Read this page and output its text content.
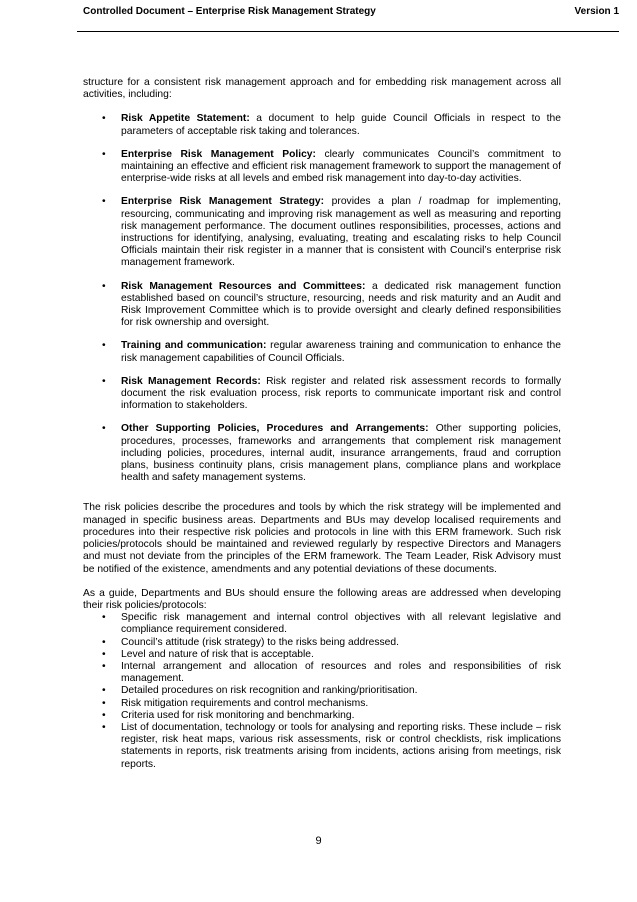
Controlled Document – Enterprise Risk Management Strategy	Version 1

structure for a consistent risk management approach and for embedding risk management across all activities, including:

• Risk Appetite Statement: a document to help guide Council Officials in respect to the parameters of acceptable risk taking and tolerances.
• Enterprise Risk Management Policy: clearly communicates Council’s commitment to maintaining an effective and efficient risk management framework to support the management of enterprise-wide risks at all levels and embed risk management into day-to-day activities.
• Enterprise Risk Management Strategy: provides a plan / roadmap for implementing, resourcing, communicating and improving risk management as well as measuring and reporting risk management performance. The document outlines responsibilities, processes, actions and instructions for identifying, analysing, evaluating, treating and escalating risks to help Council Officials maintain their risk register in a manner that is consistent with Council’s enterprise risk management framework.
• Risk Management Resources and Committees: a dedicated risk management function established based on council’s structure, resourcing, needs and risk maturity and an Audit and Risk Improvement Committee which is to provide oversight and clearly defined responsibilities for risk ownership and oversight.
• Training and communication: regular awareness training and communication to enhance the risk management capabilities of Council Officials.
• Risk Management Records: Risk register and related risk assessment records to formally document the risk evaluation process, risk reports to communicate important risk and control information to stakeholders.
• Other Supporting Policies, Procedures and Arrangements: Other supporting policies, procedures, processes, frameworks and arrangements that complement risk management including policies, procedures, internal audit, insurance arrangements, fraud and corruption plans, business continuity plans, crisis management plans, compliance plans and workplace health and safety management systems.

The risk policies describe the procedures and tools by which the risk strategy will be implemented and managed in specific business areas. Departments and BUs may develop localised requirements and procedures into their respective risk policies and protocols in line with this ERM framework. Such risk policies/protocols should be maintained and reviewed regularly by respective Directors and Managers and must not deviate from the principles of the ERM framework. The Team Leader, Risk Advisory must be notified of the existence, amendments and any potential deviations of these documents.

As a guide, Departments and BUs should ensure the following areas are addressed when developing their risk policies/protocols:

• Specific risk management and internal control objectives with all relevant legislative and compliance requirement considered.
• Council’s attitude (risk strategy) to the risks being addressed.
• Level and nature of risk that is acceptable.
• Internal arrangement and allocation of resources and roles and responsibilities of risk management.
• Detailed procedures on risk recognition and ranking/prioritisation.
• Risk mitigation requirements and control mechanisms.
• Criteria used for risk monitoring and benchmarking.
• List of documentation, technology or tools for analysing and reporting risks. These include – risk register, risk heat maps, various risk assessments, risk or control checklists, risk implications statements in reports, risk treatments arising from incidents, actions arising from meetings, risk reports.
9
